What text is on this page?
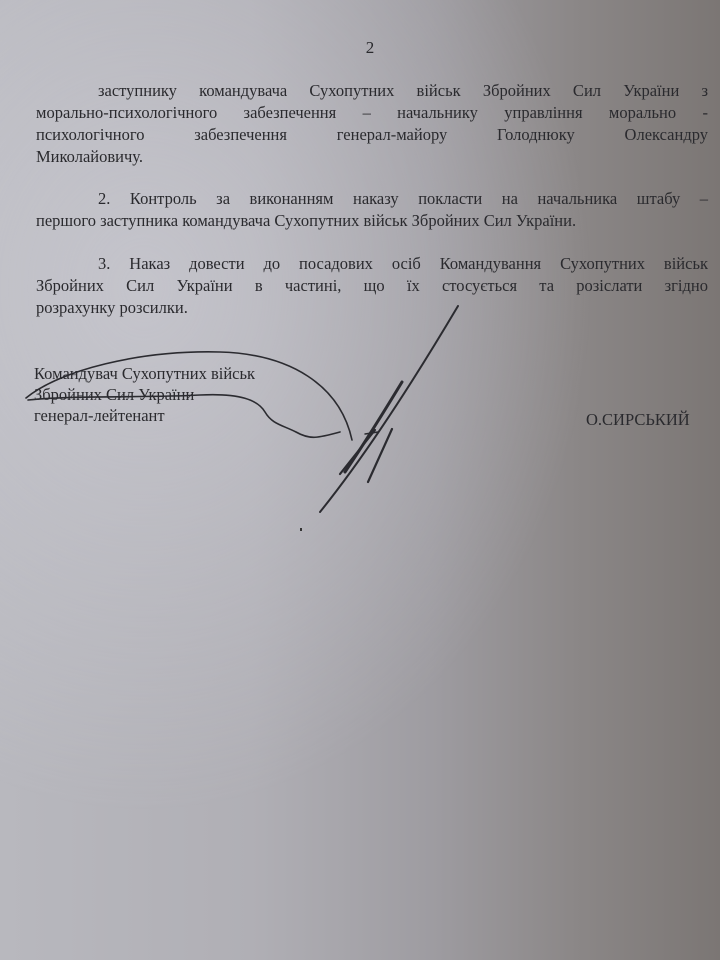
2
заступнику командувача Сухопутних військ Збройних Сил України з
морально-психологічного забезпечення – начальнику управління морально -
психологічного забезпечення генерал-майору Голоднюку Олександру
Миколайовичу.
2. Контроль за виконанням наказу покласти на начальника штабу –
першого заступника командувача Сухопутних військ Збройних Сил України.
3. Наказ довести до посадових осіб Командування Сухопутних військ
Збройних Сил України в частині, що їх стосується та розіслати згідно
розрахунку розсилки.
Командувач Сухопутних військ
Збройних Сил України
генерал-лейтенант	О.СИРСЬКИЙ
